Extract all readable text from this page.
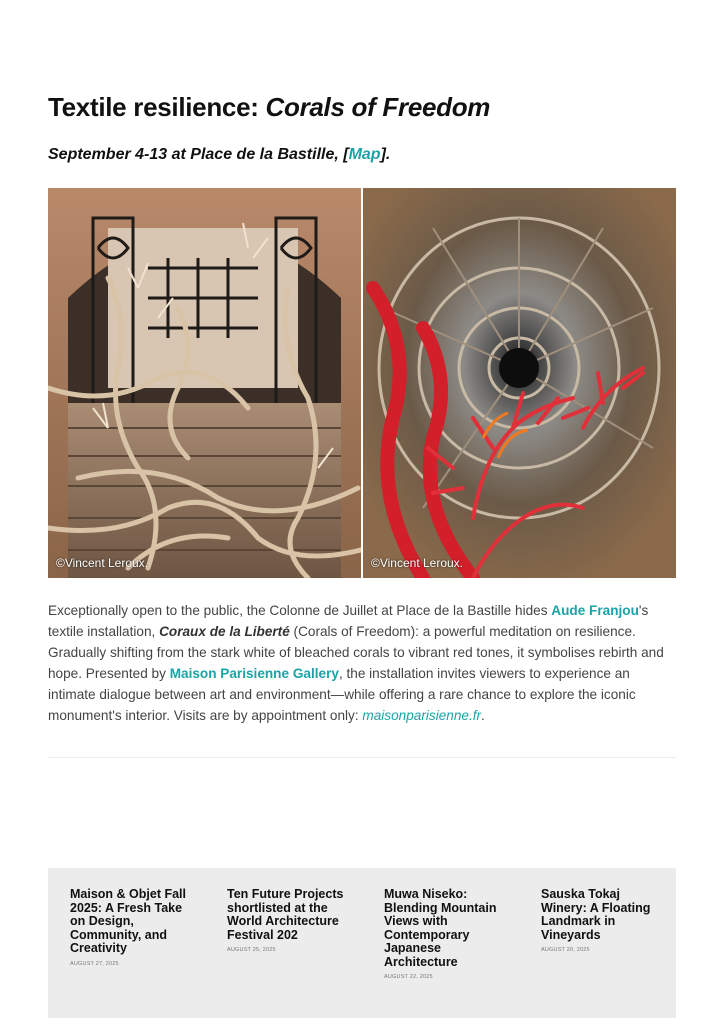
Textile resilience: Corals of Freedom

September 4-13 at Place de la Bastille, [Map].

©Vincent Leroux.	©Vincent Leroux.

Exceptionally open to the public, the Colonne de Juillet at Place de la Bastille hides Aude Franjou's textile installation, Coraux de la Liberté (Corals of Freedom): a powerful meditation on resilience. Gradually shifting from the stark white of bleached corals to vibrant red tones, it symbolises rebirth and hope. Presented by Maison Parisienne Gallery, the installation invites viewers to experience an intimate dialogue between art and environment—while offering a rare chance to explore the iconic monument's interior. Visits are by appointment only: maisonparisienne.fr.

Maison & Objet Fall 2025: A Fresh Take on Design, Community, and Creativity

AUGUST 27, 2025

Ten Future Projects shortlisted at the World Architecture Festival 202

AUGUST 25, 2025

Muwa Niseko: Blending Mountain Views with Contemporary Japanese Architecture

AUGUST 22, 2025

Sauska Tokaj Winery: A Floating Landmark in Vineyards

AUGUST 20, 2025
